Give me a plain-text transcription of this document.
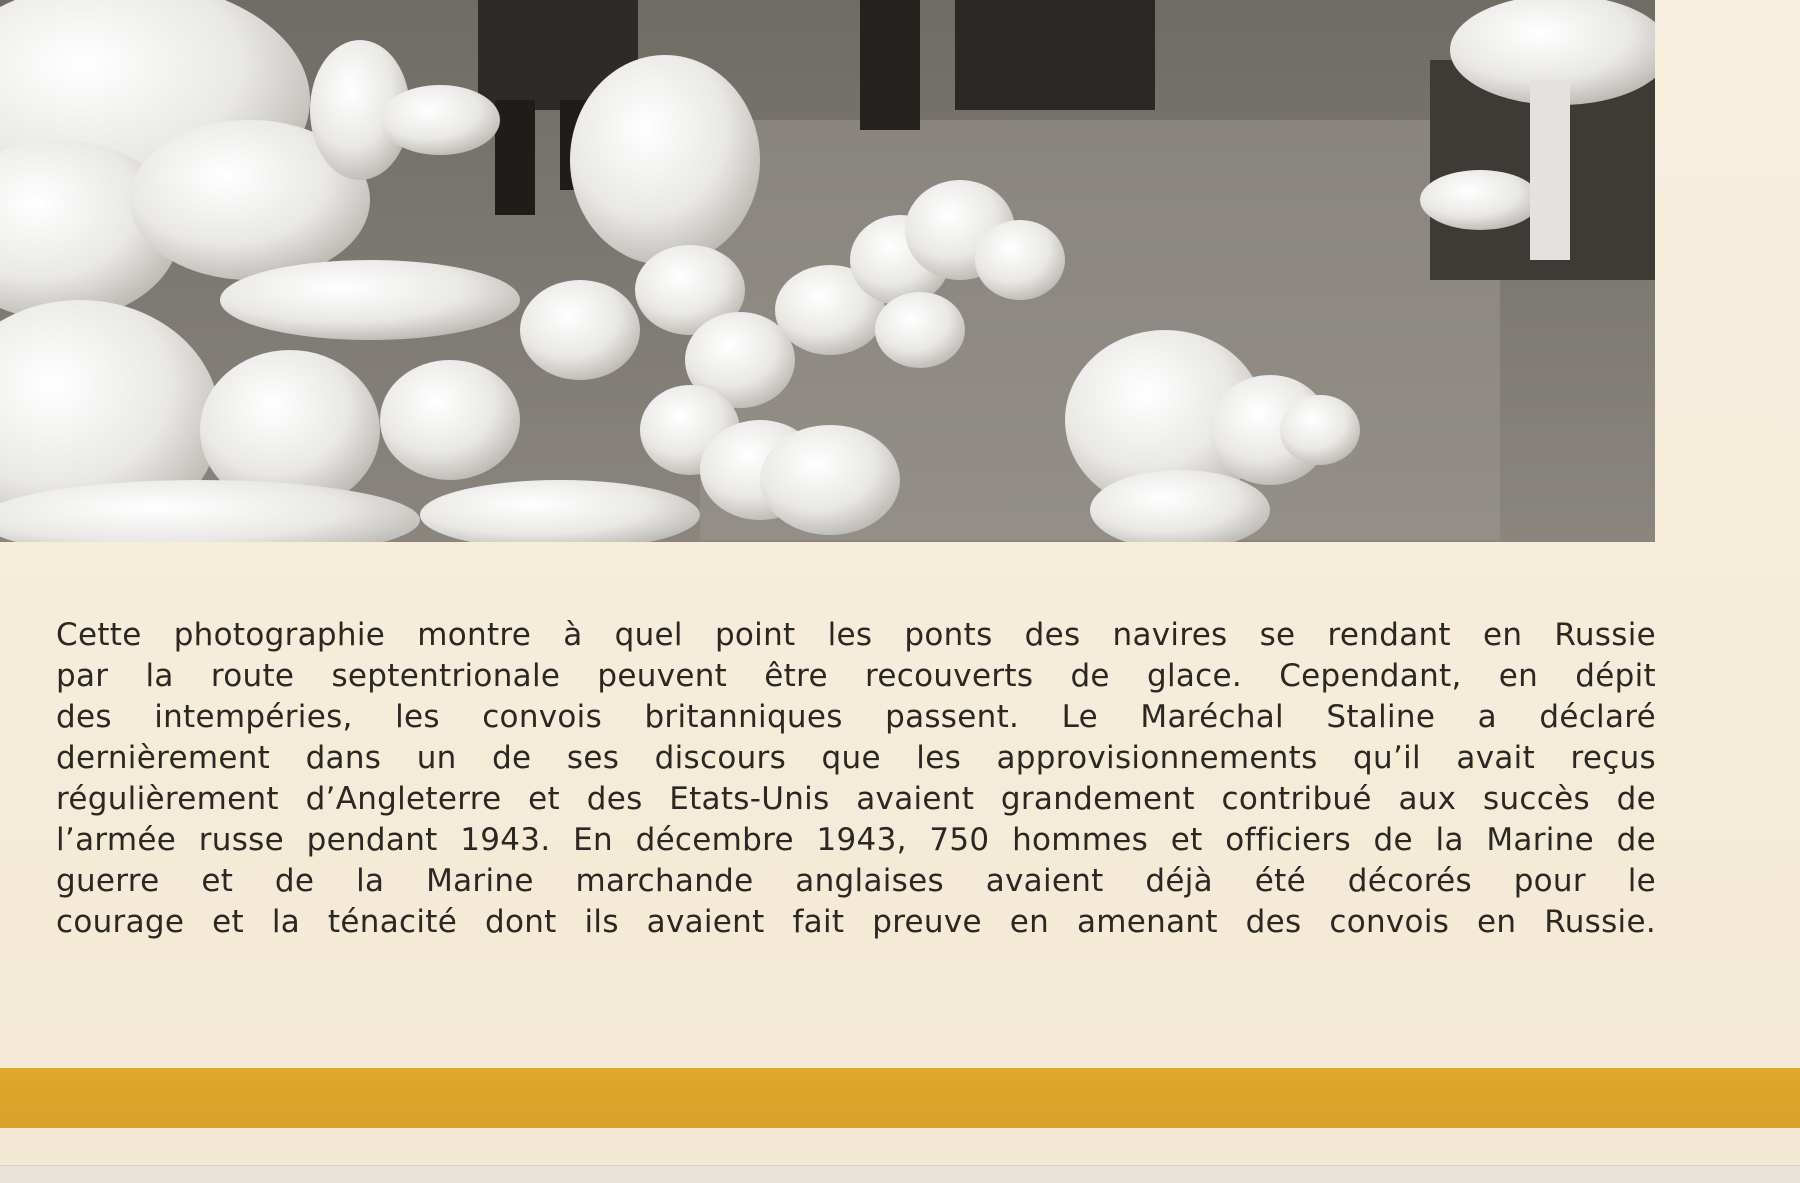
Cette photographie montre à quel point les ponts des navires se rendant en Russie
par la route septentrionale peuvent être recouverts de glace. Cependant, en dépit
des intempéries, les convois britanniques passent. Le Maréchal Staline a déclaré
dernièrement dans un de ses discours que les approvisionnements qu’il avait reçus
régulièrement d’Angleterre et des Etats-Unis avaient grandement contribué aux succès de
l’armée russe pendant 1943. En décembre 1943, 750 hommes et officiers de la Marine de
guerre et de la Marine marchande anglaises avaient déjà été décorés pour le
courage et la ténacité dont ils avaient fait preuve en amenant des convois en Russie.
